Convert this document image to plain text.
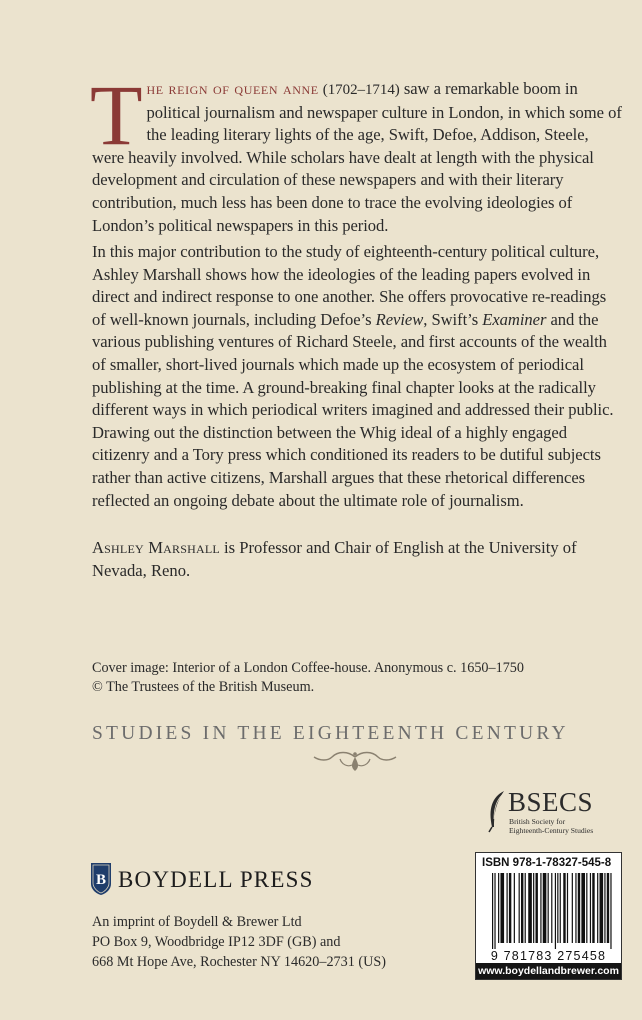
The reign of queen anne (1702–1714) saw a remarkable boom in political journalism and newspaper culture in London, in which some of the leading literary lights of the age, Swift, Defoe, Addison, Steele, were heavily involved. While scholars have dealt at length with the physical development and circulation of these newspapers and with their literary contribution, much less has been done to trace the evolving ideologies of London’s political newspapers in this period.

In this major contribution to the study of eighteenth-century political culture, Ashley Marshall shows how the ideologies of the leading papers evolved in direct and indirect response to one another. She offers provocative re-readings of well-known journals, including Defoe’s Review, Swift’s Examiner and the various publishing ventures of Richard Steele, and first accounts of the wealth of smaller, short-lived journals which made up the ecosystem of periodical publishing at the time. A ground-breaking final chapter looks at the radically different ways in which periodical writers imagined and addressed their public. Drawing out the distinction between the Whig ideal of a highly engaged citizenry and a Tory press which conditioned its readers to be dutiful subjects rather than active citizens, Marshall argues that these rhetorical differences reflected an ongoing debate about the ultimate role of journalism.

Ashley Marshall is Professor and Chair of English at the University of Nevada, Reno.

Cover image: Interior of a London Coffee-house. Anonymous c. 1650–1750
© The Trustees of the British Museum.

STUDIES IN THE EIGHTEENTH CENTURY
BSECS
British Society for
Eighteenth-Century Studies
B BOYDELL PRESS

An imprint of Boydell & Brewer Ltd
PO Box 9, Woodbridge IP12 3DF (GB) and
668 Mt Hope Ave, Rochester NY 14620–2731 (US)

ISBN 978-1-78327-545-8
9 781783 275458
www.boydellandbrewer.com
